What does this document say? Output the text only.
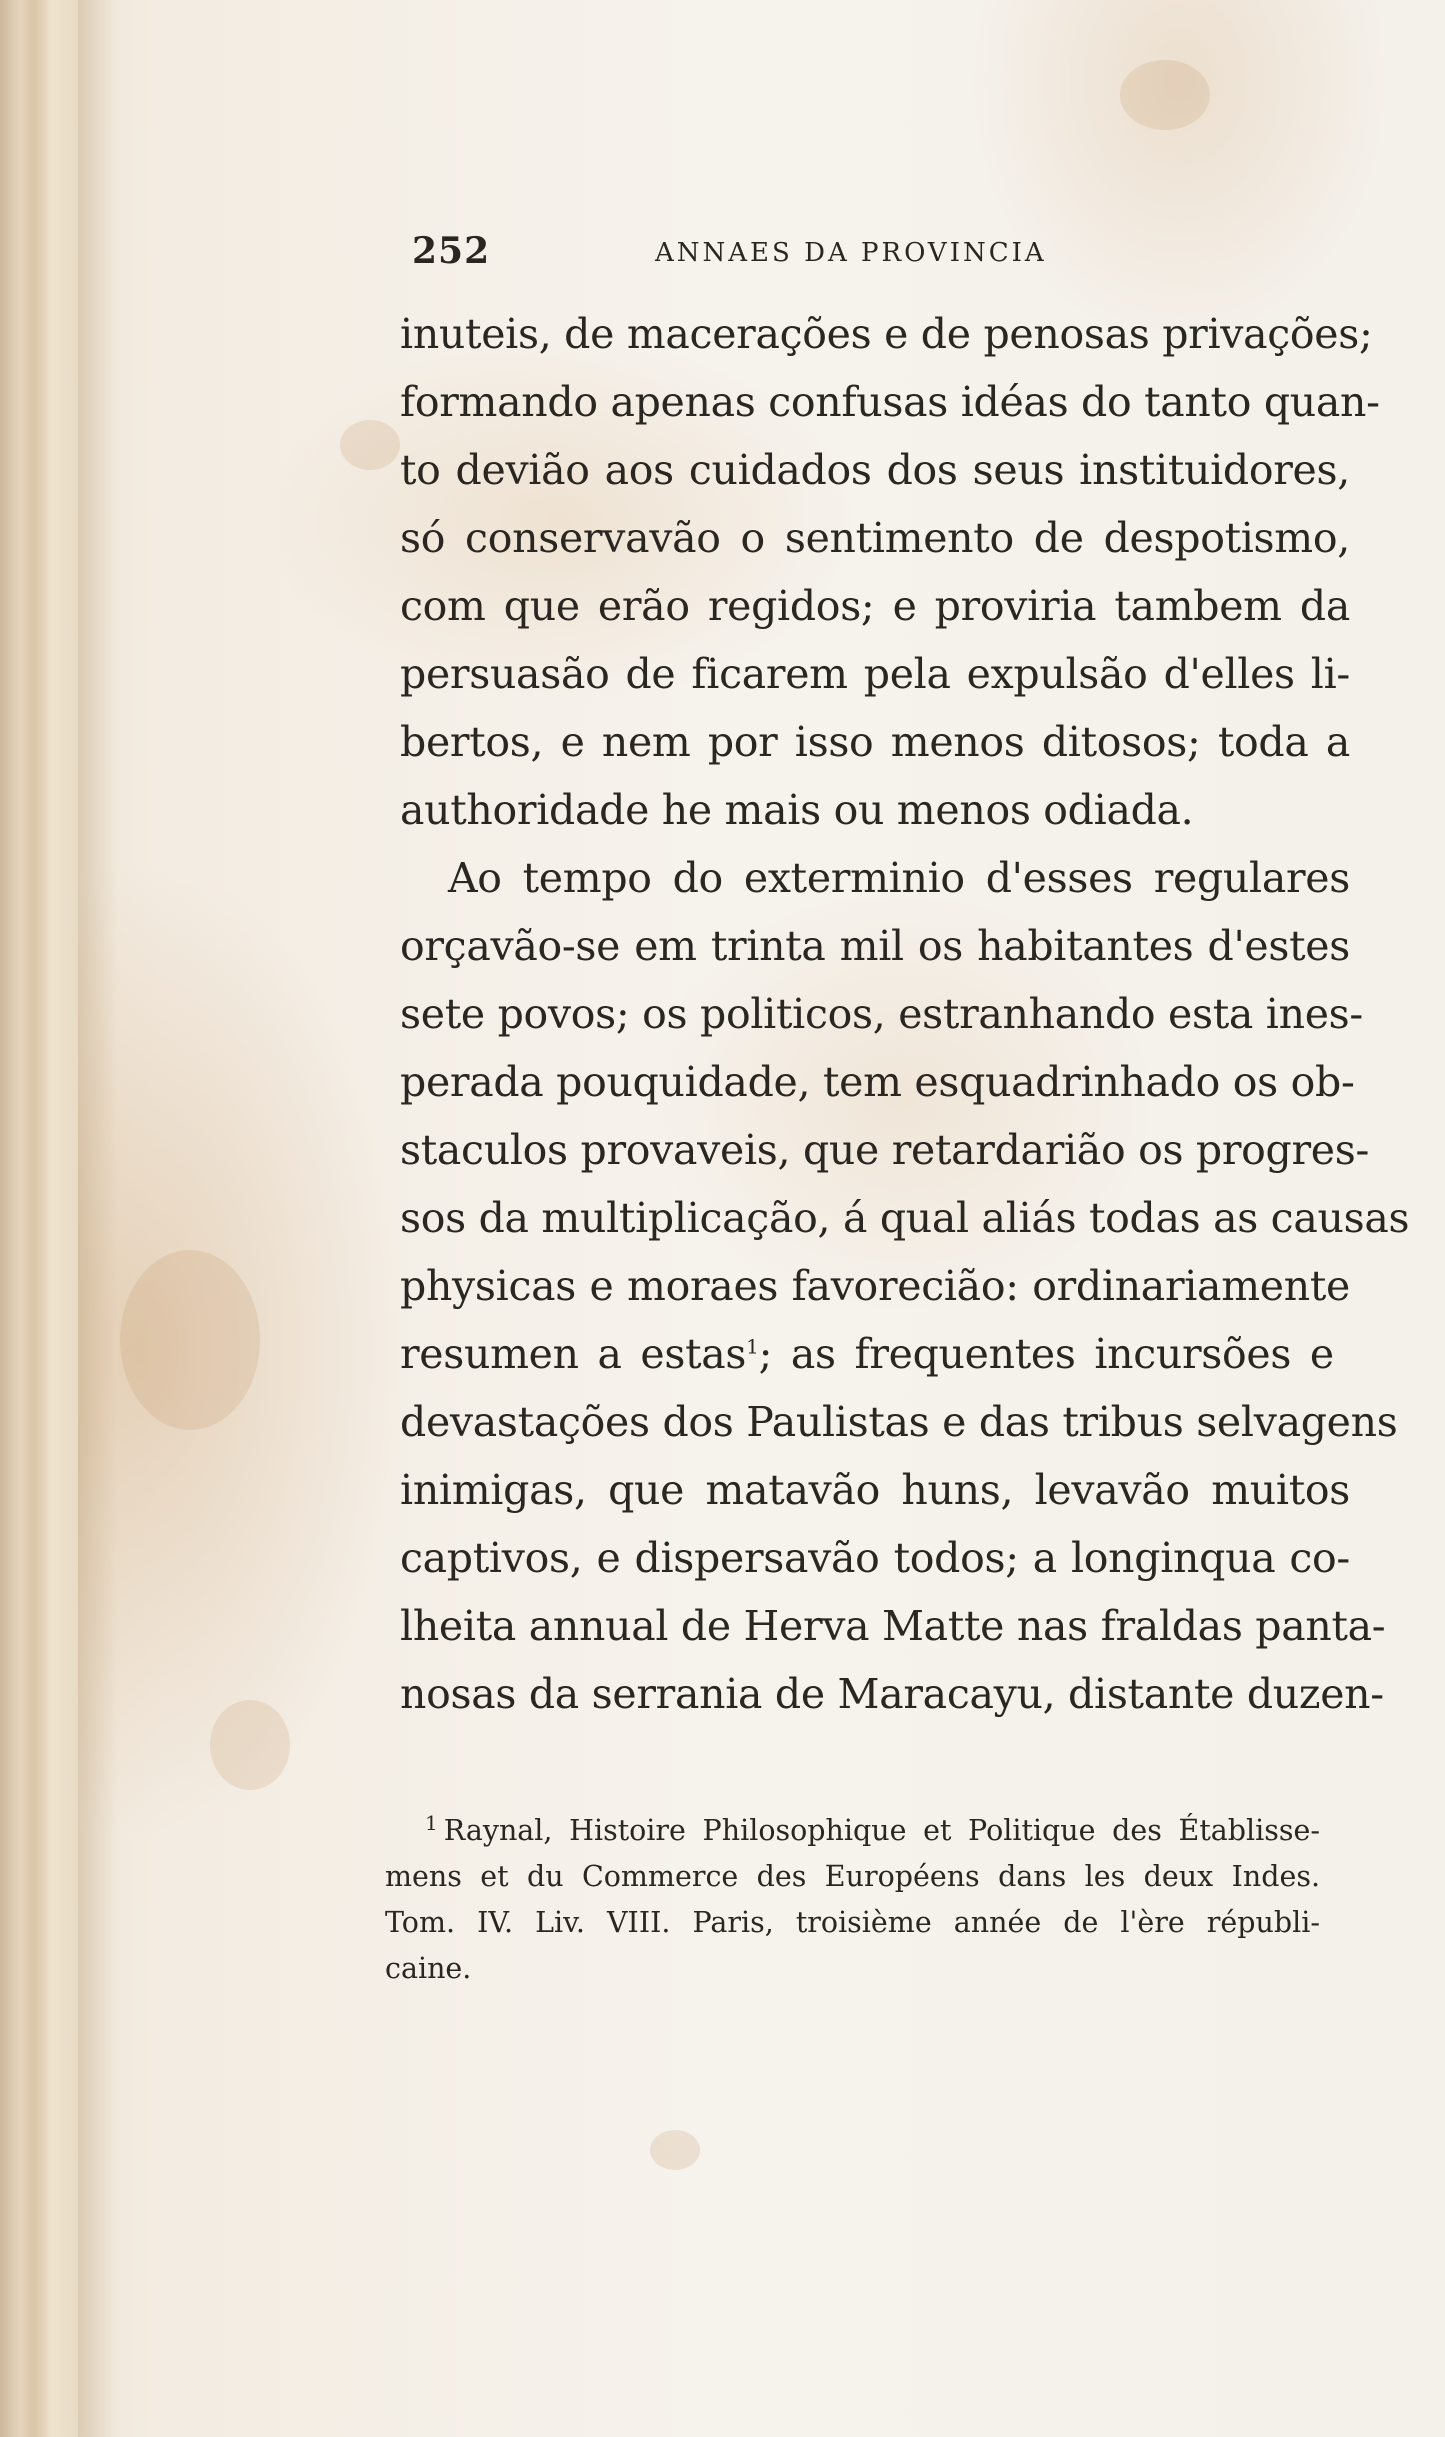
252	ANNAES DA PROVINCIA
inuteis, de macerações e de penosas privações;
formando apenas confusas idéas do tanto quan-
to devião aos cuidados dos seus instituidores,
só conservavão o sentimento de despotismo,
com que erão regidos; e proviria tambem da
persuasão de ficarem pela expulsão d'elles li-
bertos, e nem por isso menos ditosos; toda a
authoridade he mais ou menos odiada.
Ao tempo do exterminio d'esses regulares
orçavão-se em trinta mil os habitantes d'estes
sete povos; os politicos, estranhando esta ines-
perada pouquidade, tem esquadrinhado os ob-
staculos provaveis, que retardarião os progres-
sos da multiplicação, á qual aliás todas as causas
physicas e moraes favorecião: ordinariamente
resumen a estas$^1$; as frequentes incursões e
devastações dos Paulistas e das tribus selvagens
inimigas, que matavão huns, levavão muitos
captivos, e dispersavão todos; a longinqua co-
lheita annual de Herva Matte nas fraldas panta-
nosas da serrania de Maracayu, distante duzen-
$^1$ Raynal, Histoire Philosophique et Politique des Établisse-
mens et du Commerce des Européens dans les deux Indes.
Tom. IV. Liv. VIII. Paris, troisième année de l'ère républi-
caine.
